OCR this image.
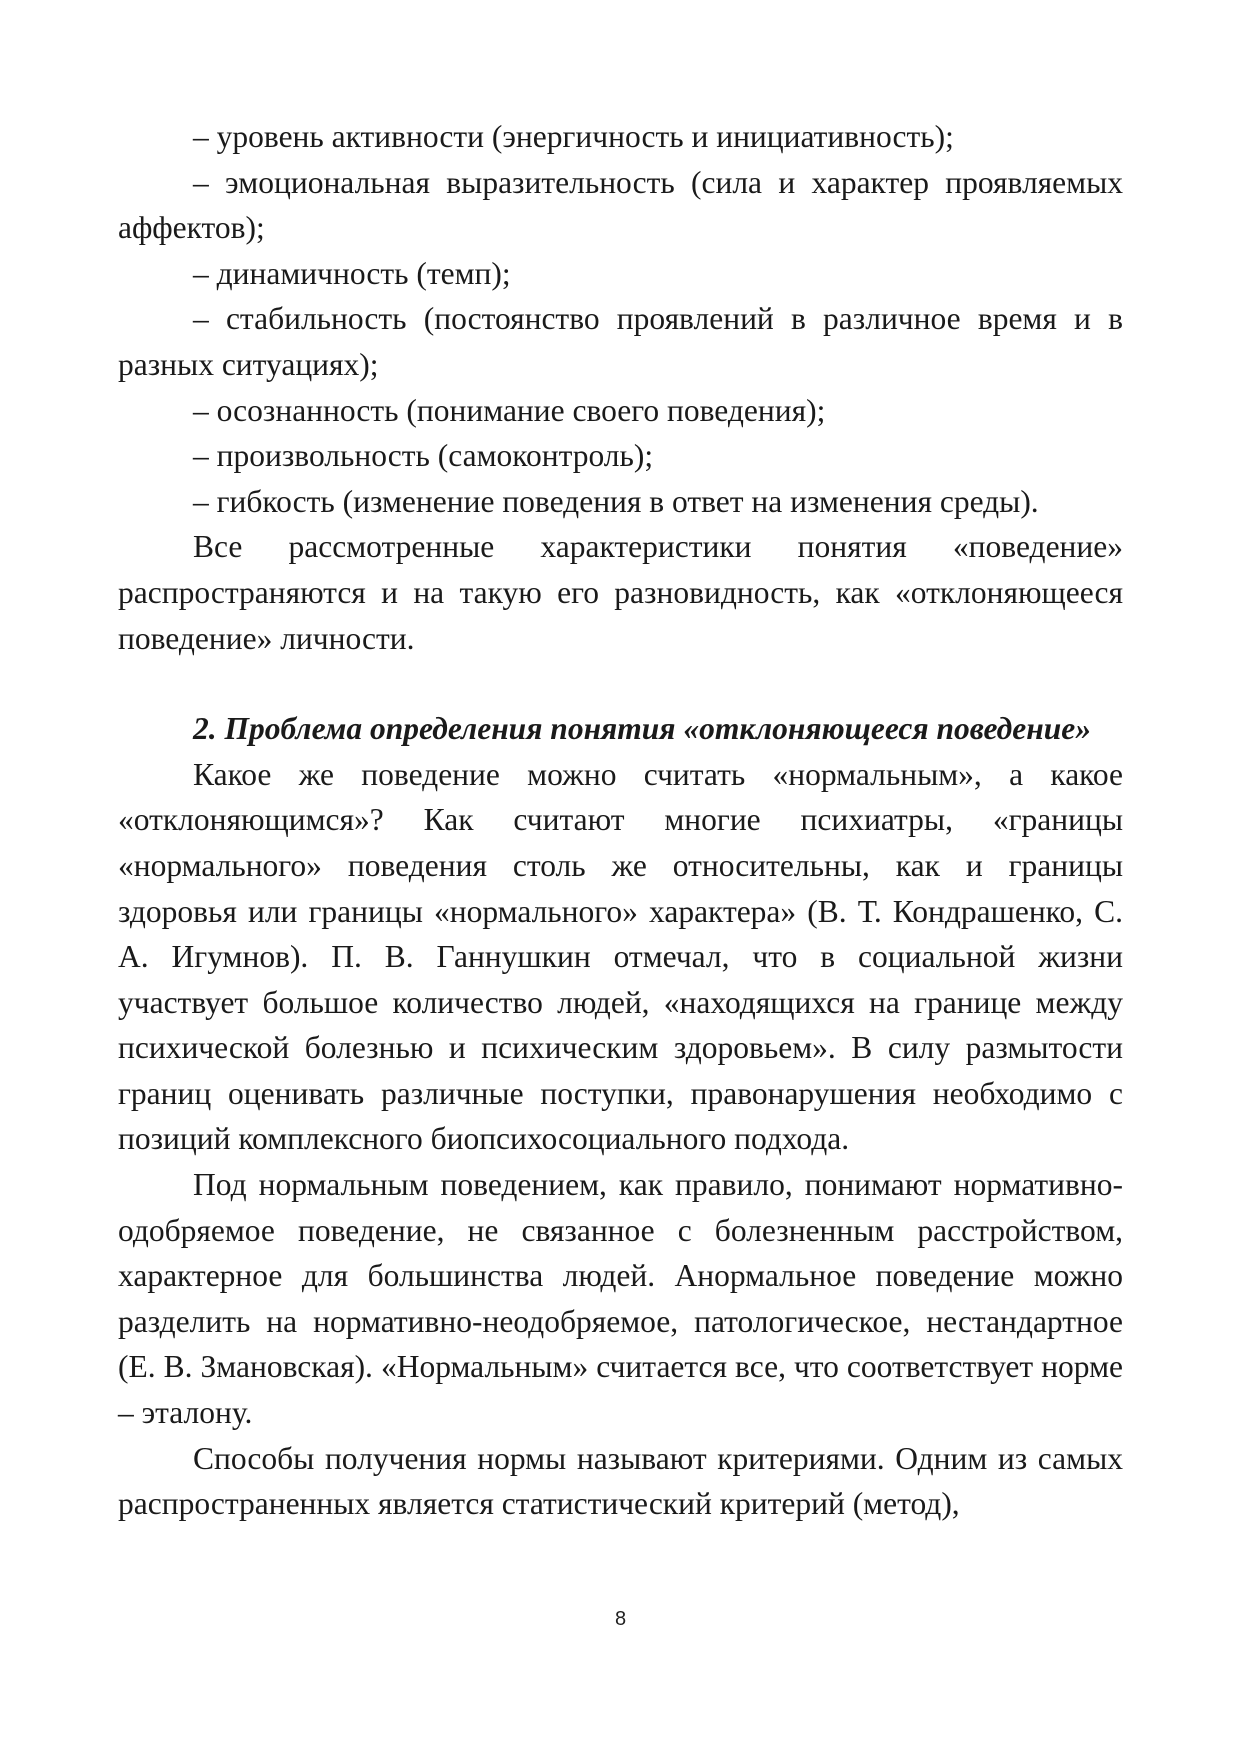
– уровень активности (энергичность и инициативность);

– эмоциональная выразительность (сила и характер проявляемых аффектов);

– динамичность (темп);

– стабильность (постоянство проявлений в различное время и в разных ситуациях);

– осознанность (понимание своего поведения);

– произвольность (самоконтроль);

– гибкость (изменение поведения в ответ на изменения среды).

Все рассмотренные характеристики понятия «поведение» распространяются и на такую его разновидность, как «отклоняющееся поведение» личности.

2. Проблема определения понятия «отклоняющееся поведение»

Какое же поведение можно считать «нормальным», а какое «отклоняющимся»? Как считают многие психиатры, «границы «нормального» поведения столь же относительны, как и границы здоровья или границы «нормального» характера» (В. Т. Кондрашенко, С. А. Игумнов). П. В. Ганнушкин отмечал, что в социальной жизни участвует большое количество людей, «находящихся на границе между психической болезнью и психическим здоровьем». В силу размытости границ оценивать различные поступки, правонарушения необходимо с позиций комплексного биопсихосоциального подхода.

Под нормальным поведением, как правило, понимают нормативно-одобряемое поведение, не связанное с болезненным расстройством, характерное для большинства людей. Анормальное поведение можно разделить на нормативно-неодобряемое, патологическое, нестандартное (Е. В. Змановская). «Нормальным» считается все, что соответствует норме – эталону.

Способы получения нормы называют критериями. Одним из самых распространенных является статистический критерий (метод),

8
